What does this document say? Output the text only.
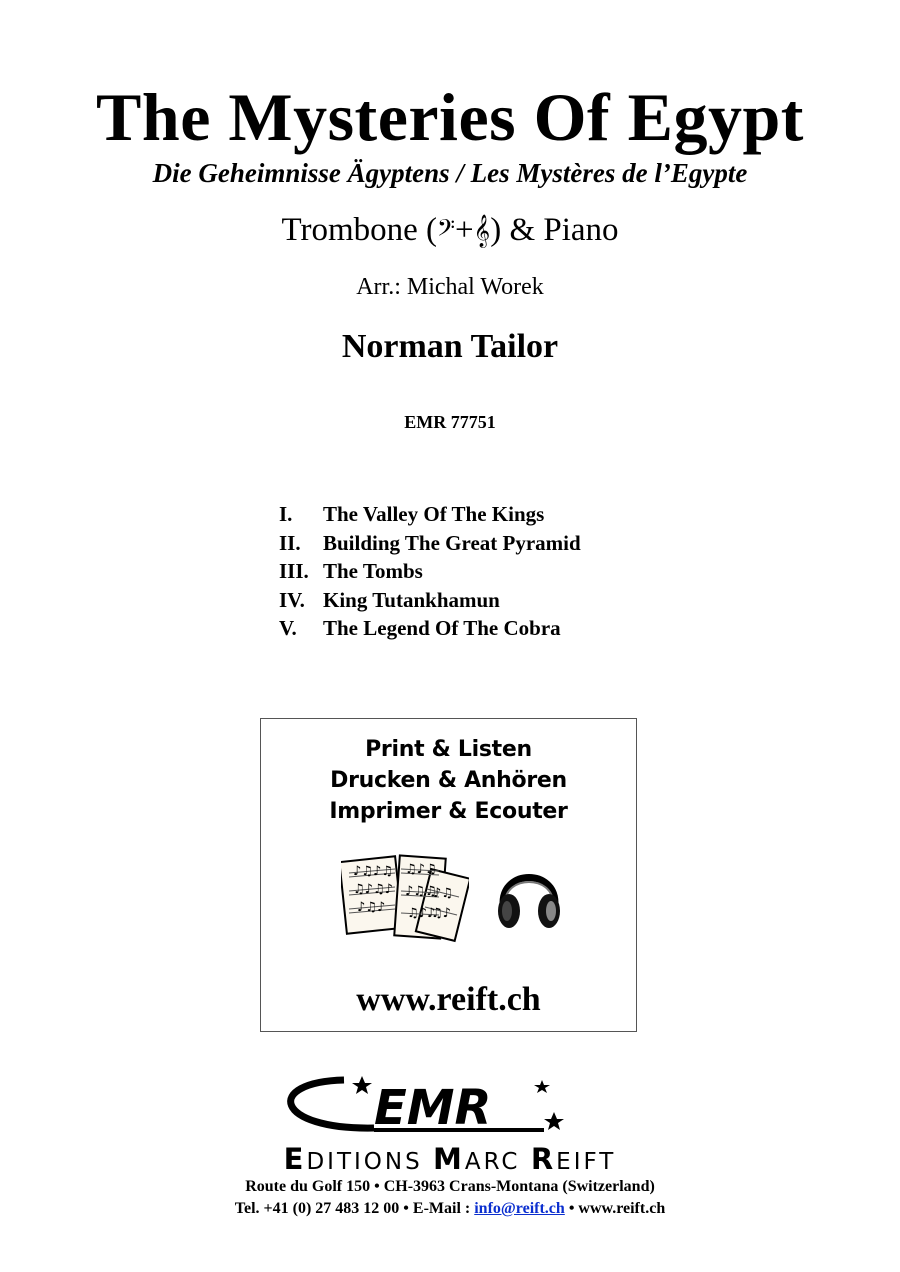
The Mysteries Of Egypt
Die Geheimnisse Ägyptens / Les Mystères de l’Egypte
Trombone (𝄢+𝄞) & Piano
Arr.: Michal Worek
Norman Tailor
EMR 77751
I.	The Valley Of The Kings
II.	Building The Great Pyramid
III. The Tombs
IV. King Tutankhamun
V.	The Legend Of The Cobra
Print & Listen
Drucken & Anhören
Imprimer & Ecouter
♪♫♪♫
♫♪♫♪
♪♫♪
♫♪♫
♪♫♫
♫♪♪
♪♫
♫♪
www.reift.ch
EMR
EDITIONS MARC REIFT
Route du Golf 150 • CH-3963 Crans-Montana (Switzerland)
Tel. +41 (0) 27 483 12 00 • E-Mail : info@reift.ch • www.reift.ch
